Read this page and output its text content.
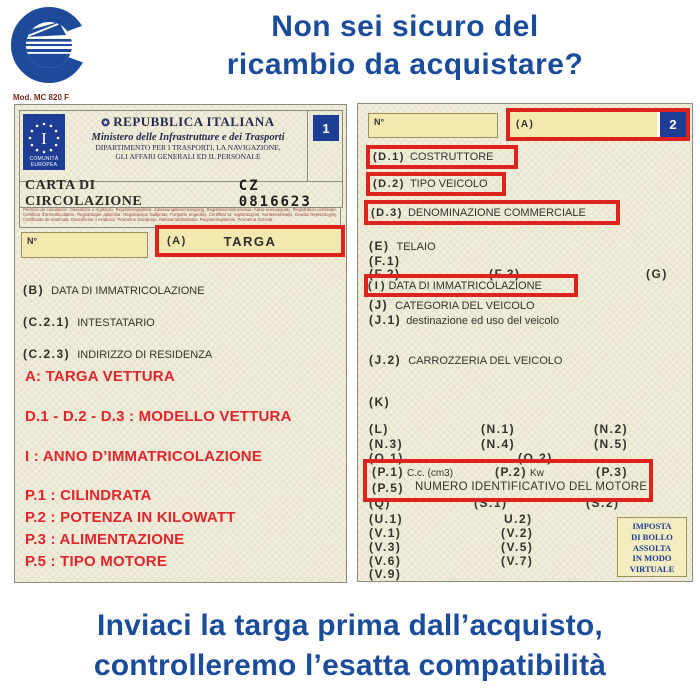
Non sei sicuro del
ricambio da acquistare?
Mod. MC 820 F
I
COMUNITÀ
EUROPEA
✪ REPUBBLICA ITALIANA
Ministero delle Infrastrutture e dei Trasporti
DIPARTIMENTO PER I TRASPORTI, LA NAVIGAZIONE,
GLI AFFARI GENERALI ED IL PERSONALE
1
CARTA DI CIRCOLAZIONE
CZ 0816623
Permiso de circulación. Osvědčení o registraci. Registreringsattest. Zulassungsbescheinigung. Registreerimistunnistus. Άδεια κυκλοφορίας. Registration certificate. Certificat d’immatriculation. Reģistrācijas aplieciba. Registracijos liudijimas. Forgalmi engedély. Ċertifikat ta’ reġistrazzjoni. Kentekenbewijs. Dowód Rejestracyjny. Certificado de matrícula. Osvedčenie o evidencii. Prometno dovoljenje. Rekisteröintitodistus. Registreringsbevis. Prometna dozvola.
N°	(A)	TARGA
(B) DATA DI IMMATRICOLAZIONE
(C.2.1) INTESTATARIO
(C.2.3) INDIRIZZO DI RESIDENZA
A: TARGA VETTURA
D.1 - D.2 - D.3 : MODELLO VETTURA
I : ANNO D’IMMATRICOLAZIONE
P.1 : CILINDRATA
P.2 : POTENZA IN KILOWATT
P.3 : ALIMENTAZIONE
P.5 : TIPO MOTORE
N°	(A)	2
(E) TELAIO
(F.1)
(F.2)	(F.3)	(G)
(J) CATEGORIA DEL VEICOLO
(J.1) destinazione ed uso del veicolo
(J.2) CARROZZERIA DEL VEICOLO
(K)
(L)	(N.1)	(N.2)
(N.3)	(N.4)	(N.5)
(O.1)	(O.2)
(Q)	(S.1)	(S.2)
(U.1)	U.2)
(V.1)	(V.2)
(V.3)	(V.5)
(V.6)	(V.7)
(V.9)
IMPOSTA
DI BOLLO
ASSOLTA
IN MODO
VIRTUALE
(D.1) COSTRUTTORE
(D.2) TIPO VEICOLO
(D.3) DENOMINAZIONE COMMERCIALE
( I ) DATA DI IMMATRICOLAZIONE
(P.1) C.c. (cm3)	(P.2) Kw	(P.3)
(P.5) NUMERO IDENTIFICATIVO DEL MOTORE
Inviaci la targa prima dall’acquisto,
controlleremo l’esatta compatibilità
